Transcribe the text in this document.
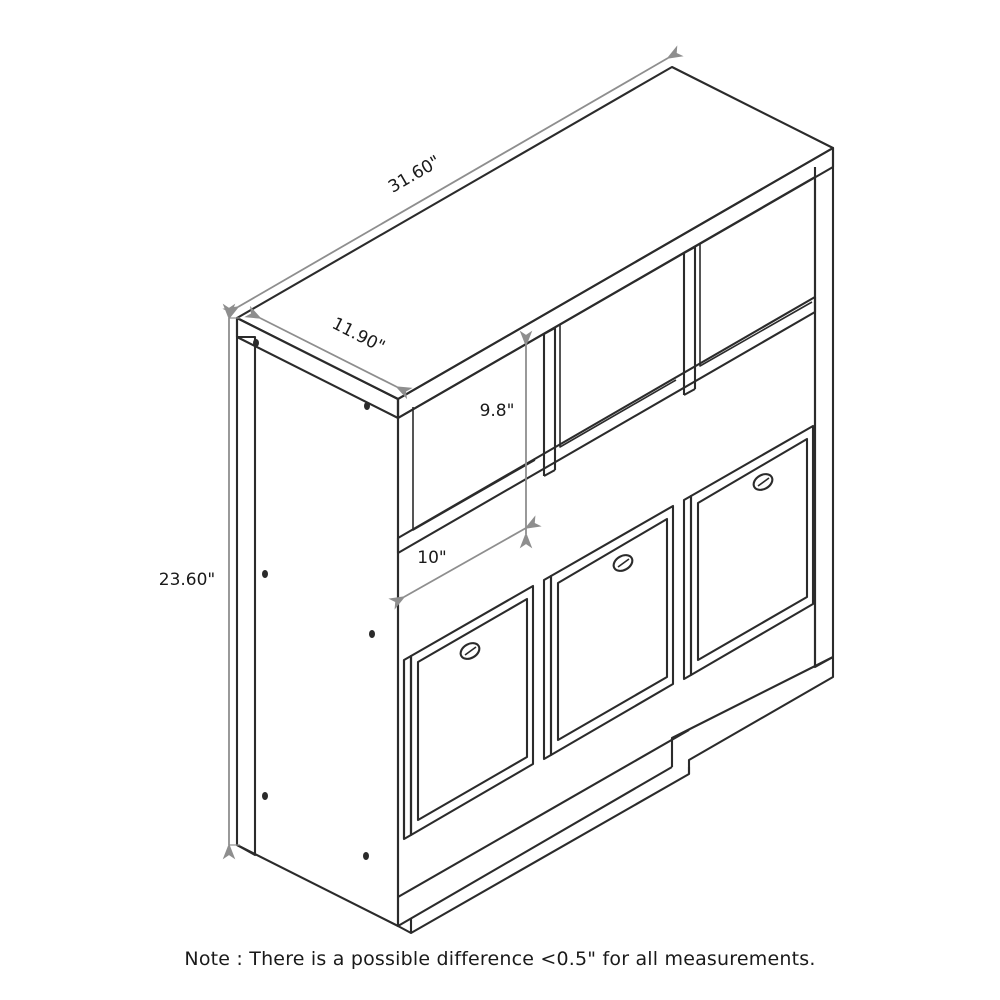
31.60"
11.90"
9.8"
10"
23.60"
Note : There is a possible difference <0.5" for all measurements.
